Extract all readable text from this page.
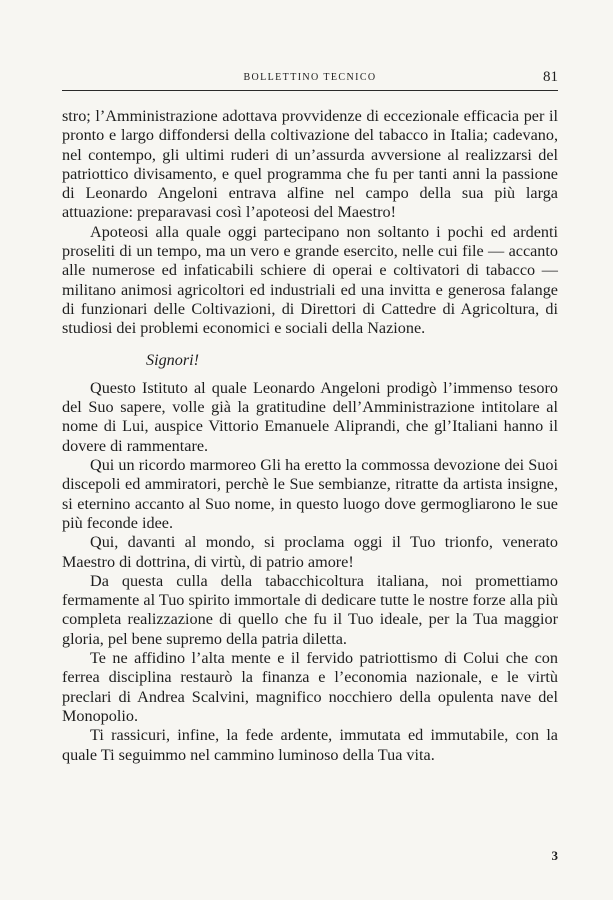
BOLLETTINO TECNICO	81

stro; l’Amministrazione adottava provvidenze di eccezionale efficacia per il pronto e largo diffondersi della coltivazione del tabacco in Italia; cadevano, nel contempo, gli ultimi ruderi di un’assurda avversione al realizzarsi del patriottico divisamento, e quel programma che fu per tanti anni la passione di Leonardo Angeloni entrava alfine nel campo della sua più larga attuazione: preparavasi così l’apoteosi del Maestro!

Apoteosi alla quale oggi partecipano non soltanto i pochi ed ardenti proseliti di un tempo, ma un vero e grande esercito, nelle cui file — accanto alle numerose ed infaticabili schiere di operai e coltivatori di tabacco — militano animosi agricoltori ed industriali ed una invitta e generosa falange di funzionari delle Coltivazioni, di Direttori di Cattedre di Agricoltura, di studiosi dei problemi economici e sociali della Nazione.

Signori!

Questo Istituto al quale Leonardo Angeloni prodigò l’immenso tesoro del Suo sapere, volle già la gratitudine dell’Amministrazione intitolare al nome di Lui, auspice Vittorio Emanuele Aliprandi, che gl’Italiani hanno il dovere di rammentare.

Qui un ricordo marmoreo Gli ha eretto la commossa devozione dei Suoi discepoli ed ammiratori, perchè le Sue sembianze, ritratte da artista insigne, si eternino accanto al Suo nome, in questo luogo dove germogliarono le sue più feconde idee.

Qui, davanti al mondo, si proclama oggi il Tuo trionfo, venerato Maestro di dottrina, di virtù, di patrio amore!

Da questa culla della tabacchicoltura italiana, noi promettiamo fermamente al Tuo spirito immortale di dedicare tutte le nostre forze alla più completa realizzazione di quello che fu il Tuo ideale, per la Tua maggior gloria, pel bene supremo della patria diletta.

Te ne affidino l’alta mente e il fervido patriottismo di Colui che con ferrea disciplina restaurò la finanza e l’economia nazionale, e le virtù preclari di Andrea Scalvini, magnifico nocchiero della opulenta nave del Monopolio.

Ti rassicuri, infine, la fede ardente, immutata ed immutabile, con la quale Ti seguimmo nel cammino luminoso della Tua vita.

3
